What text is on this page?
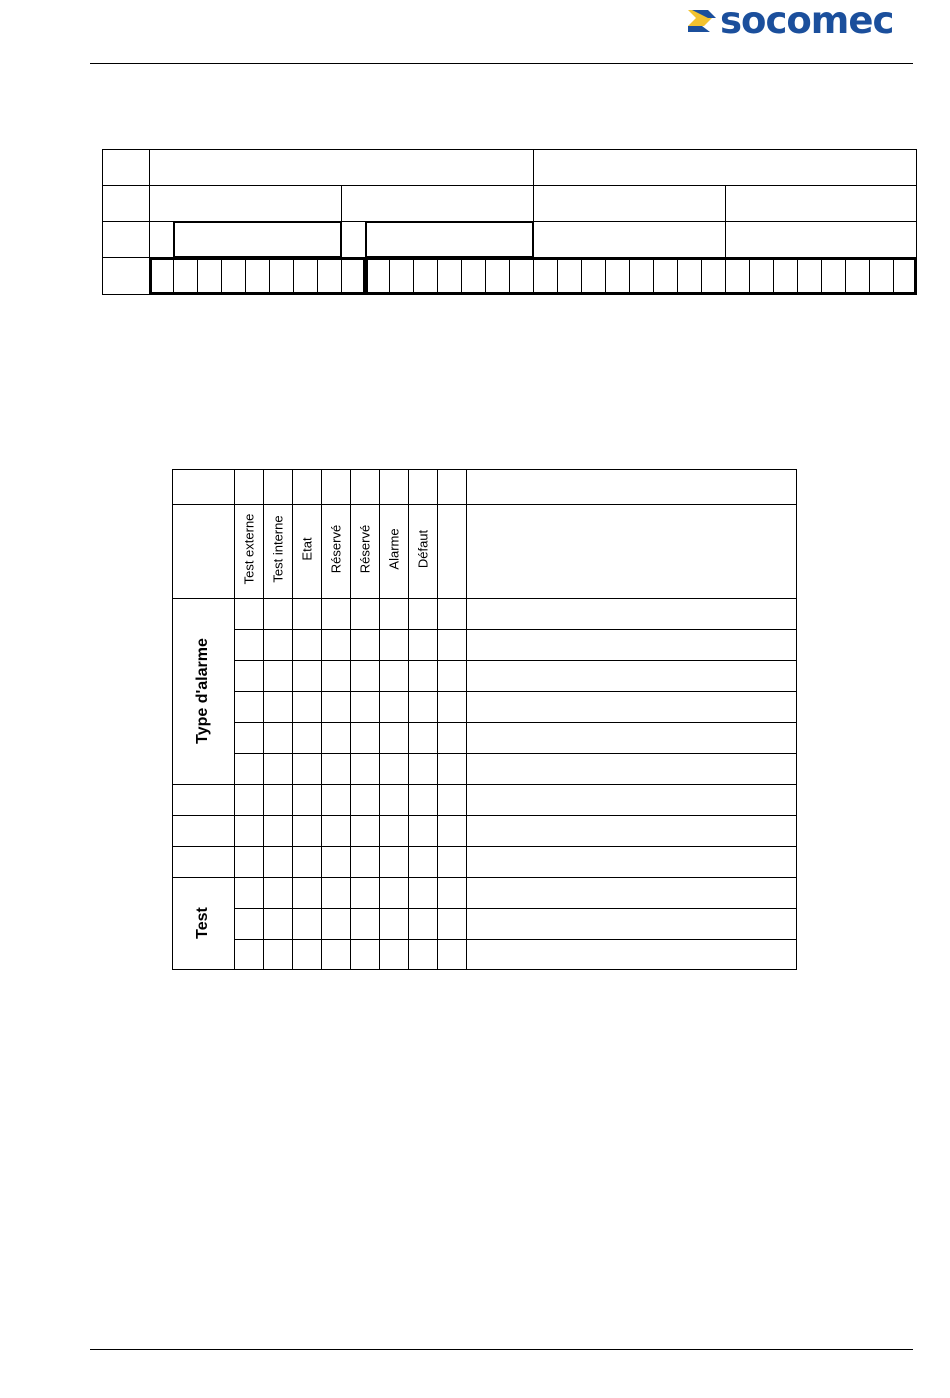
socomec
Test externe Test interne Etat Réservé Réservé Alarme Défaut
Type d'alarme
Test
